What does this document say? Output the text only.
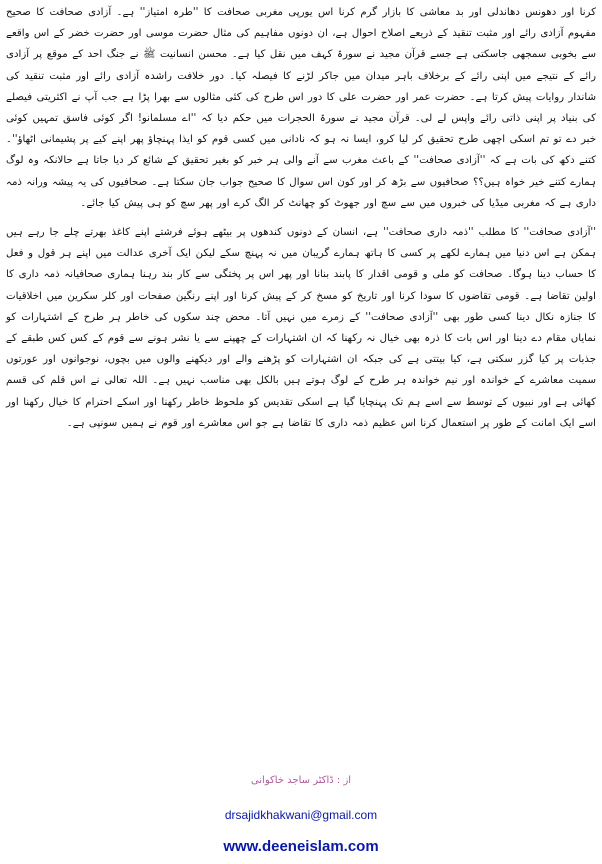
کرنا اور دھونس دھاندلی اور بد معاشی کا بازار گرم کرنا اس یورپی مغربی صحافت کا ''طرہ امتیاز'' ہے۔ آزادی صحافت کا صحیح مفہوم آزادی رائے اور مثبت تنقید کے ذریعے اصلاح احوال ہے، ان دونوں مفاہیم کی مثال حضرت موسی اور حضرت خضر کے اس واقعے سے بخوبی سمجھی جاسکتی ہے جسے قرآن مجید نے سورۃ کہف میں نقل کیا ہے۔ محسن انسانیت ﷺ نے جنگ احد کے موقع پر آزادی رائے کے نتیجے میں اپنی رائے کے برخلاف باہر میدان میں جاکر لڑنے کا فیصلہ کیا۔ دور خلافت راشدہ آزادی رائے اور مثبت تنقید کی شاندار روایات پیش کرتا ہے۔ حضرت عمر اور حضرت علی کا دور اس طرح کی کئی مثالوں سے بھرا پڑا ہے جب آپ نے اکثریتی فیصلے کی بنیاد پر اپنی ذاتی رائے واپس لے لی۔ قرآن مجید نے سورۃ الحجرات میں حکم دیا کہ ''اے مسلمانو! اگر کوئی فاسق تمہیں کوئی خبر دے تو تم اسکی اچھی طرح تحقیق کر لیا کرو، ایسا نہ ہو کہ نادانی میں کسی قوم کو ایذا پہنچاؤ پھر اپنے کیے پر پشیمانی اٹھاؤ''۔ کتنے دکھ کی بات ہے کہ ''آزادی صحافت'' کے باعث مغرب سے آنے والی ہر خبر کو بغیر تحقیق کے شائع کر دیا جاتا ہے حالانکہ وہ لوگ ہمارے کتنے خیر خواہ ہیں؟؟ صحافیوں سے بڑھ کر اور کون اس سوال کا صحیح جواب جان سکتا ہے۔ صحافیوں کی یہ پیشہ ورانہ ذمہ داری ہے کہ مغربی میڈیا کی خبروں میں سے سچ اور جھوٹ کو چھانٹ کر الگ کرے اور پھر سچ کو ہی پیش کیا جائے۔

''آزادی صحافت'' کا مطلب ''ذمہ داری صحافت'' ہے، انسان کے دونوں کندھوں پر بیٹھے ہوئے فرشتے اپنے کاغذ بھرتے چلے جا رہے ہیں ہمکن ہے اس دنیا میں ہمارے لکھے پر کسی کا ہاتھ ہمارے گریبان میں نہ پہنچ سکے لیکن ایک آخری عدالت میں اپنے ہر قول و فعل کا حساب دینا ہوگا۔ صحافت کو ملی و قومی اقدار کا پابند بنانا اور پھر اس پر پختگی سے کار بند رہنا ہماری صحافیانہ ذمہ داری کا اولین تقاضا ہے۔ قومی تقاضوں کا سودا کرنا اور تاریخ کو مسخ کر کے پیش کرنا اور اپنے رنگین صفحات اور کلر سکرین میں اخلاقیات کا جنازہ نکال دینا کسی طور بھی ''آزادی صحافت'' کے زمرے میں نہیں آتا۔ محض چند سکوں کی خاطر ہر طرح کے اشتہارات کو نمایاں مقام دے دینا اور اس بات کا ذرہ بھی خیال نہ رکھنا کہ ان اشتہارات کے چھپنے سے یا نشر ہونے سے قوم کے کس کس طبقے کے جذبات پر کیا گزر سکتی ہے، کیا بیتتی ہے کی جبکہ ان اشتہارات کو پڑھنے والے اور دیکھنے والوں میں بچوں، نوجوانوں اور عورتوں سمیت معاشرے کے خواندہ اور نیم خواندہ ہر طرح کے لوگ ہوتے ہیں بالکل بھی مناسب نہیں ہے۔ اللہ تعالی نے اس قلم کی قسم کھائی ہے اور نبیوں کے توسط سے اسے ہم تک پہنچایا گیا ہے اسکی تقدیس کو ملحوظ خاطر رکھنا اور اسکے احترام کا خیال رکھنا اور اسے ایک امانت کے طور پر استعمال کرنا اس عظیم ذمہ داری کا تقاضا ہے جو اس معاشرے اور قوم نے ہمیں سونپی ہے۔

از : ڈاکٹر ساجد خاکوانی
drsajidkhakwani@gmail.com
www.deeneislam.com
